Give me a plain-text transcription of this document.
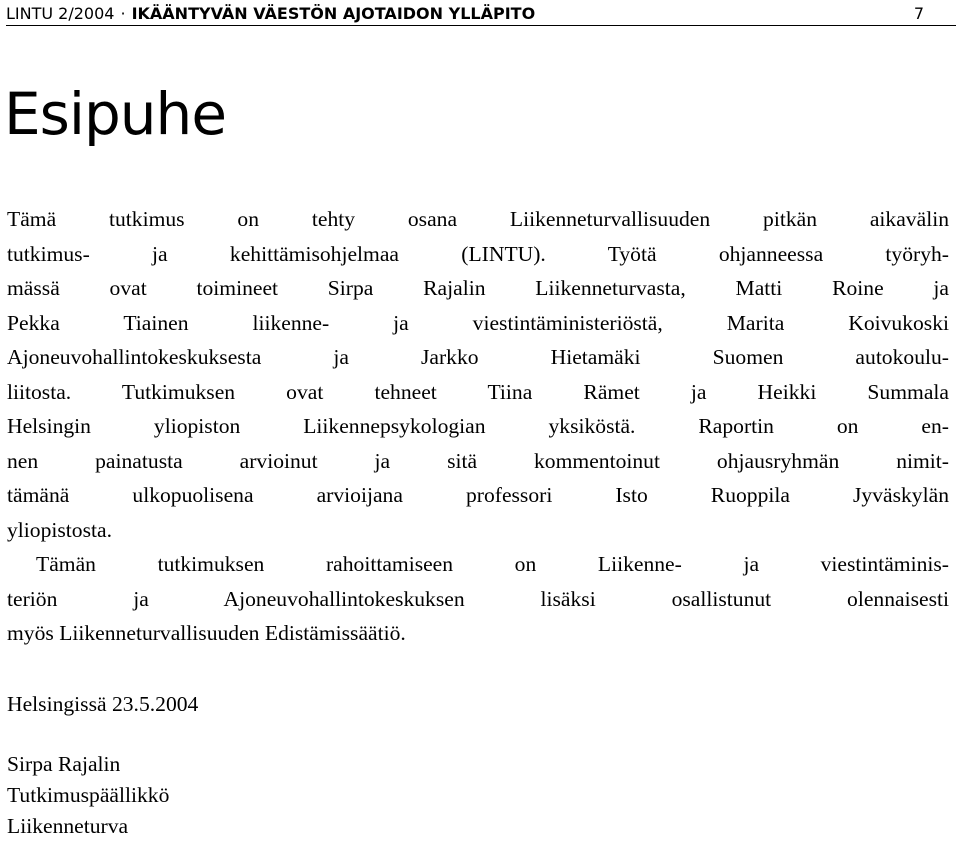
LINTU 2/2004 · IKÄÄNTYVÄN VÄESTÖN AJOTAIDON YLLÄPITO	7
Esipuhe

Tämä tutkimus on tehty osana Liikenneturvallisuuden pitkän aikavälin
tutkimus- ja kehittämisohjelmaa (LINTU). Työtä ohjanneessa työryh-
mässä ovat toimineet Sirpa Rajalin Liikenneturvasta, Matti Roine ja
Pekka Tiainen liikenne- ja viestintäministeriöstä, Marita Koivukoski
Ajoneuvohallintokeskuksesta ja Jarkko Hietamäki Suomen autokoulu-
liitosta. Tutkimuksen ovat tehneet Tiina Rämet ja Heikki Summala
Helsingin yliopiston Liikennepsykologian yksiköstä. Raportin on en-
nen painatusta arvioinut ja sitä kommentoinut ohjausryhmän nimit-
tämänä ulkopuolisena arvioijana professori Isto Ruoppila Jyväskylän
yliopistosta.

Tämän tutkimuksen rahoittamiseen on Liikenne- ja viestintäminis-
teriön ja Ajoneuvohallintokeskuksen lisäksi osallistunut olennaisesti
myös Liikenneturvallisuuden Edistämissäätiö.

Helsingissä 23.5.2004

Sirpa Rajalin
Tutkimuspäällikkö
Liikenneturva
